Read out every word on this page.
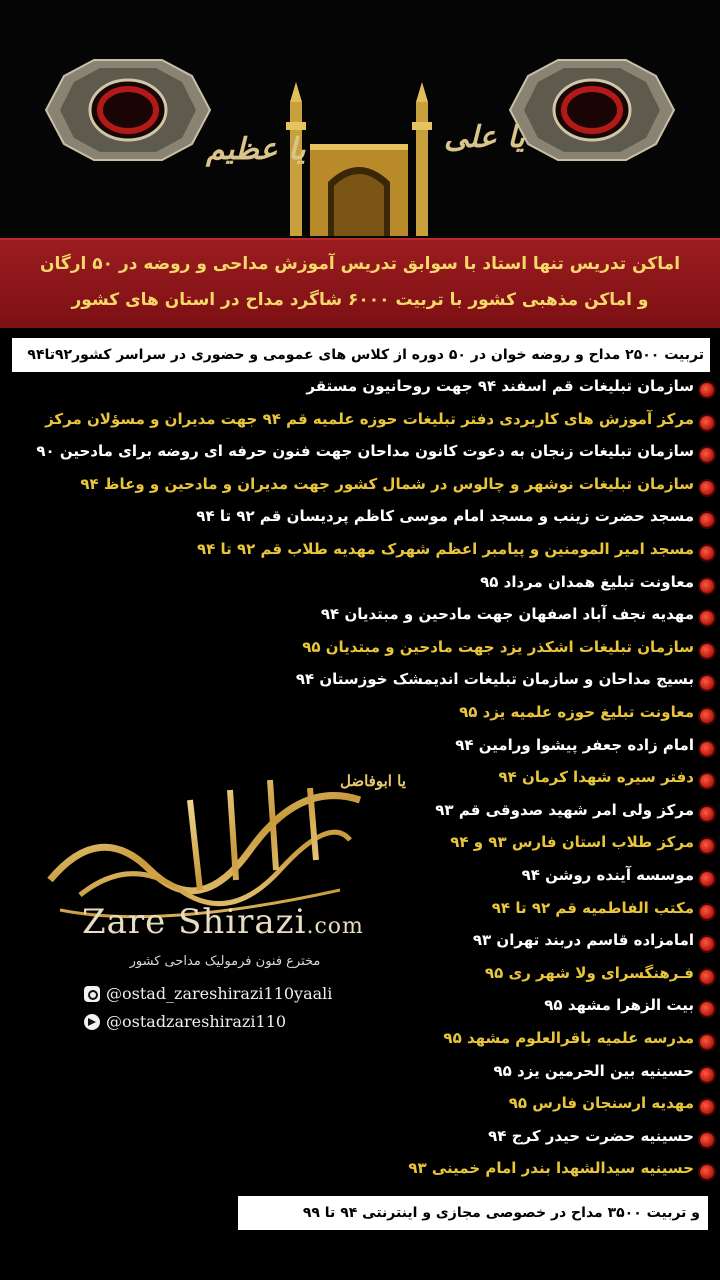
یا عظیم	یا علی
اماکن تدریس تنها استاد با سوابق تدریس آموزش مداحی و روضه در ۵۰ ارگان
و اماکن مذهبی کشور با تربیت ۶۰۰۰ شاگرد مداح در استان های کشور
تربیت ۲۵۰۰ مداح و روضه خوان در ۵۰ دوره از کلاس های عمومی و حضوری در سراسر کشور۹۲تا۹۴
سازمان تبلیغات قم اسفند ۹۴ جهت روحانیون مستقر
مرکز آموزش های کاربردی دفتر تبلیغات حوزه علمیه قم ۹۴ جهت مدیران و مسؤلان مرکز
سازمان تبلیغات زنجان به دعوت کانون مداحان جهت فنون حرفه ای روضه برای مادحین ۹۰
سازمان تبلیغات نوشهر و چالوس در شمال کشور جهت مدیران و مادحین و وعاظ ۹۴
مسجد حضرت زینب و مسجد امام موسی کاظم پردیسان قم ۹۲ تا ۹۴
مسجد امیر المومنین و پیامبر اعظم شهرک مهدیه طلاب قم ۹۲ تا ۹۴
معاونت تبلیغ همدان مرداد ۹۵
مهدیه نجف آباد اصفهان جهت مادحین و مبتدیان ۹۴
سازمان تبلیغات اشکذر یزد جهت مادحین و مبتدیان ۹۵
بسیج مداحان و سازمان تبلیغات اندیمشک خوزستان ۹۴
معاونت تبلیغ حوزه علمیه یزد ۹۵
امام زاده جعفر پیشوا ورامین ۹۴
دفتر سیره شهدا کرمان ۹۴
مرکز ولی امر شهید صدوقی قم ۹۳
مرکز طلاب استان فارس ۹۳ و ۹۴
موسسه آینده روشن ۹۴
مکتب الفاطمیه قم ۹۲ تا ۹۴
امامزاده قاسم دربند تهران ۹۳
فـرهنگسرای ولا شهر ری ۹۵
بیت الزهرا مشهد ۹۵
مدرسه علمیه باقرالعلوم مشهد ۹۵
حسینیه بین الحرمین یزد ۹۵
مهدیه ارسنجان فارس ۹۵
حسینیه حضرت حیدر کرج ۹۴
حسینیه سیدالشهدا بندر امام خمینی ۹۳
یا ابوفاضل
Zare Shirazi.com
مخترع فنون فرمولیک مداحی کشور
@ostad_zareshirazi110yaali
@ostadzareshirazi110
و تربیت ۳۵۰۰ مداح در خصوصی مجازی و اینترنتی ۹۴ تا ۹۹
